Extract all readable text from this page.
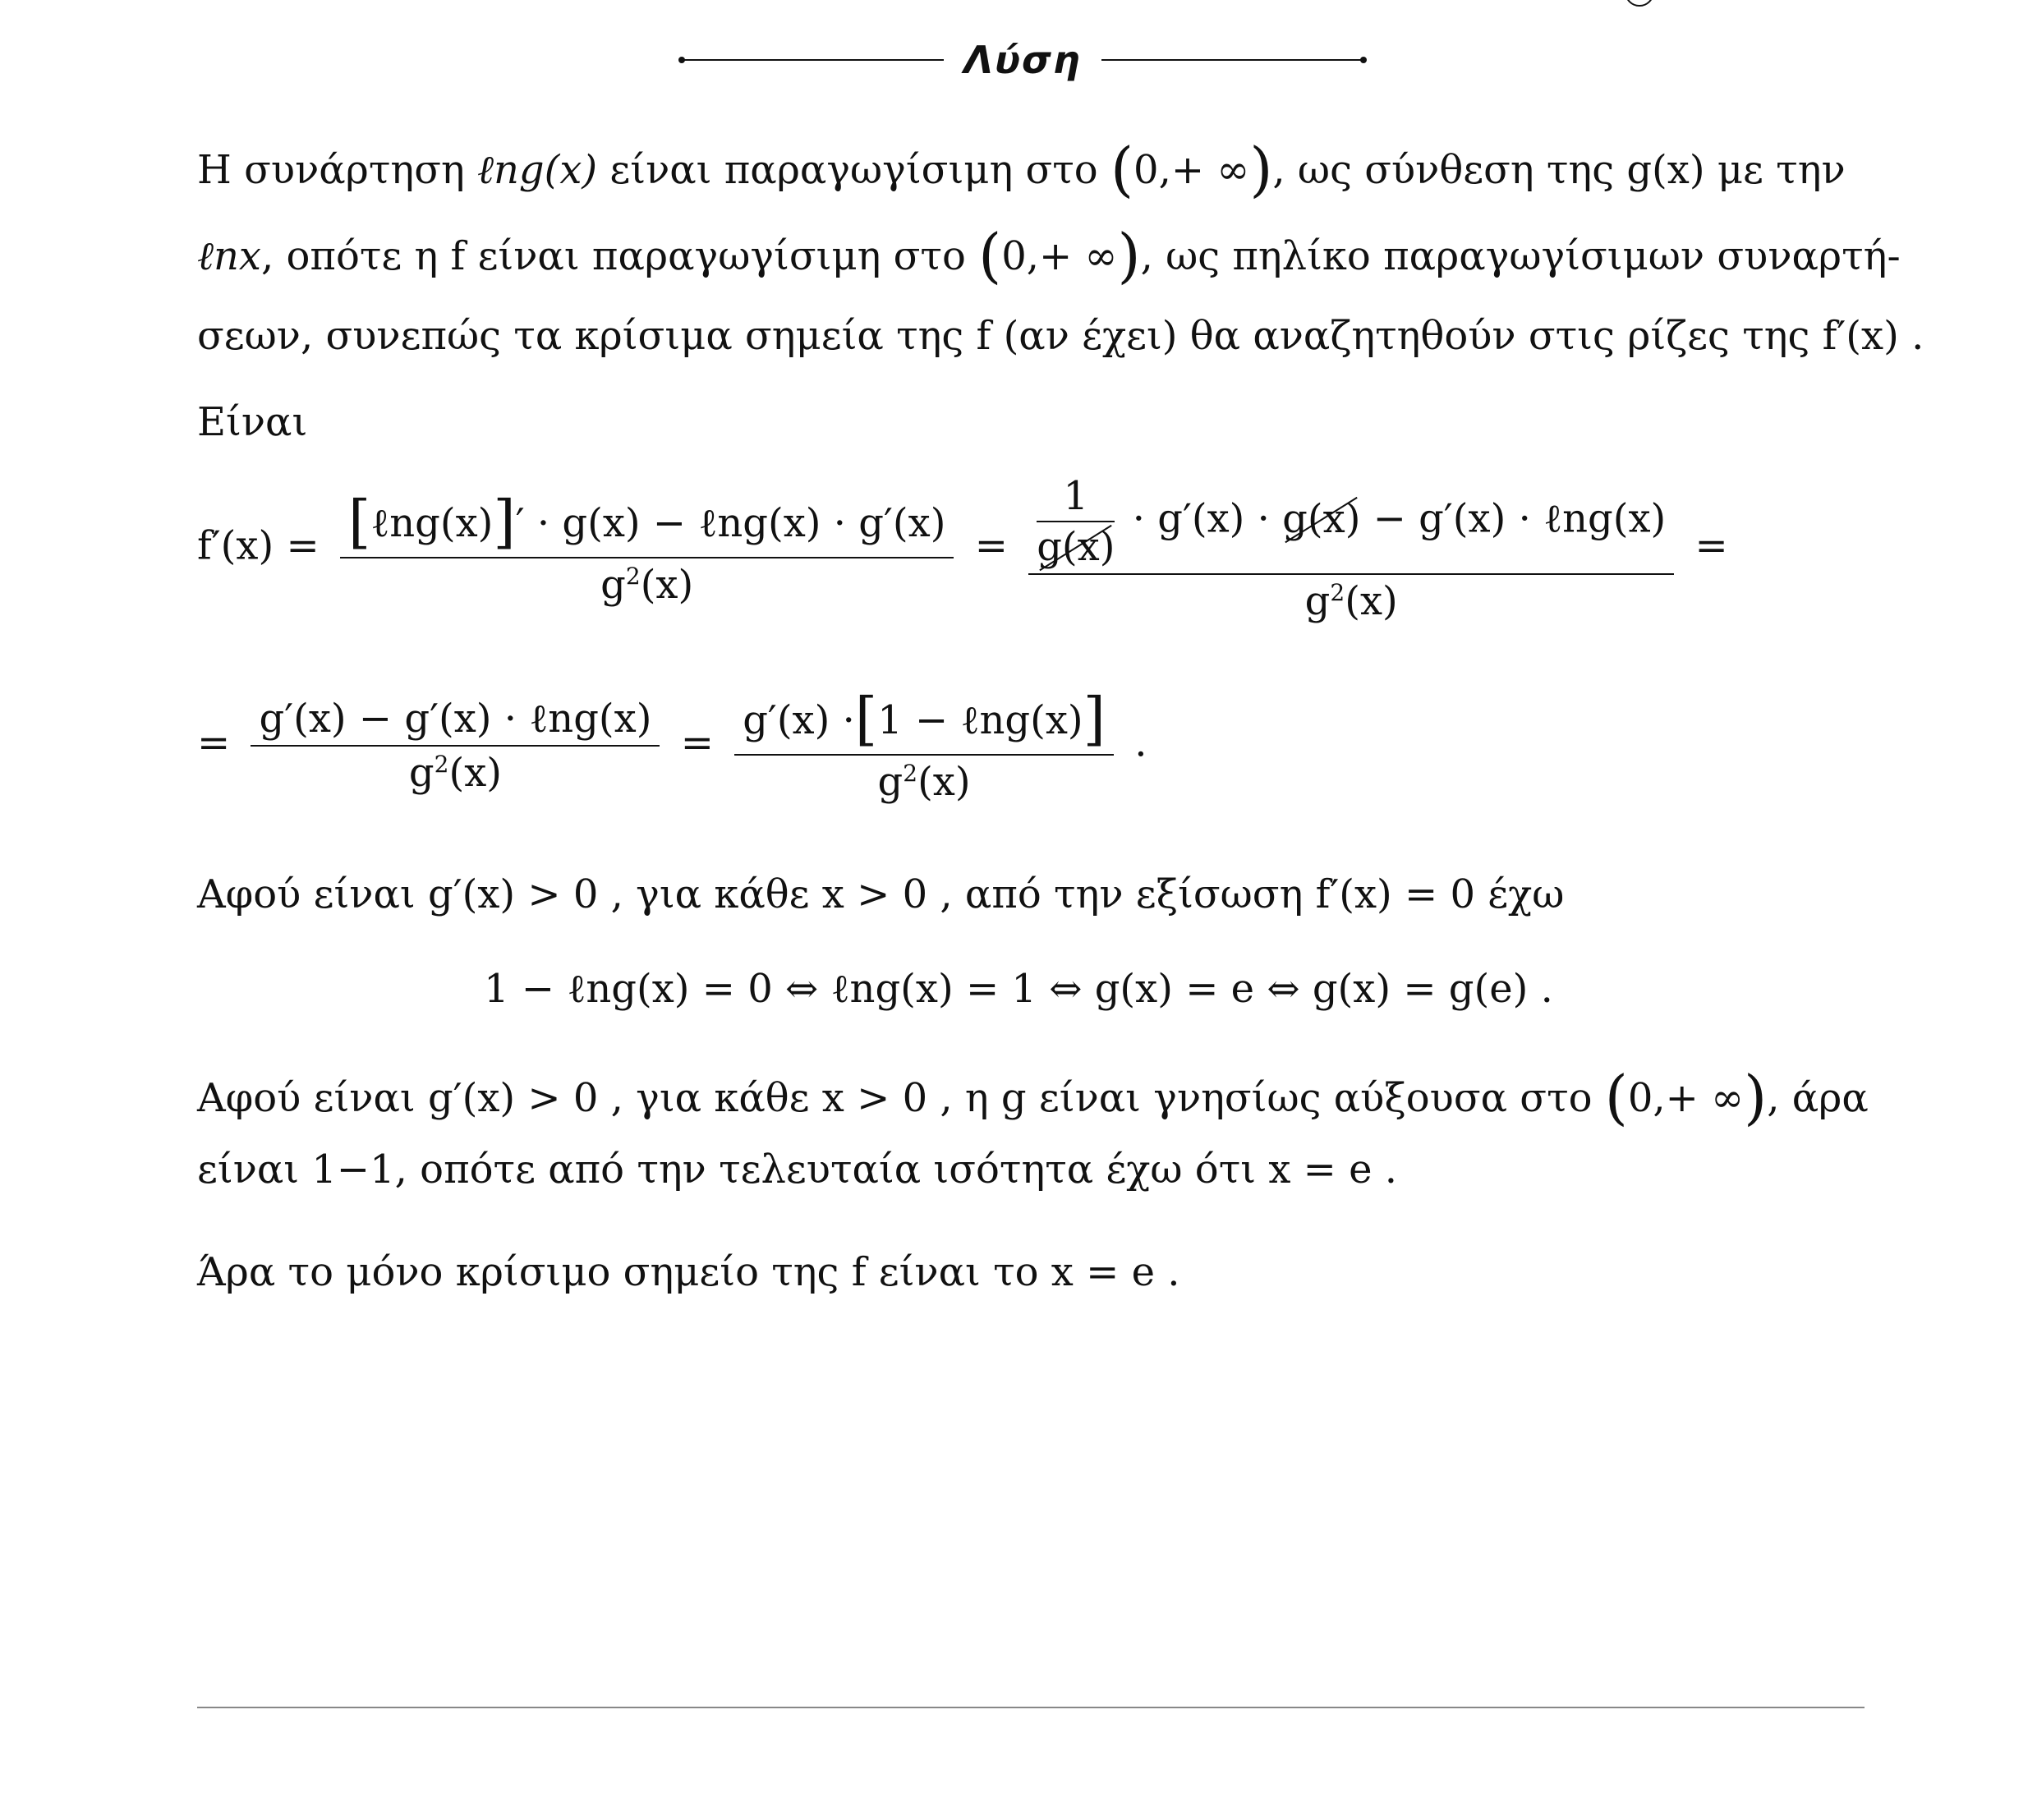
Λύση
Η συνάρτηση ℓng(x) είναι παραγωγίσιμη στο (0,+ ∞), ως σύνθεση της g(x) με την
ℓnx, οπότε η f είναι παραγωγίσιμη στο (0,+ ∞), ως πηλίκο παραγωγίσιμων συναρτή-
σεων, συνεπώς τα κρίσιμα σημεία της f (αν έχει) θα αναζητηθούν στις ρίζες της f′(x) .
Είναι
$f'(x) = \frac{\text{[ℓng(x)]′ · g(x) − ℓng(x) · g′(x)}}{g^2(x)} = \frac{\frac{1}{g(x)} \cdot g'(x) \cdot g(x) - g'(x) \cdot \ell ng(x)}{g^2(x)}$ =
= $\frac{\text{g′(x) − g′(x) · ℓng(x)}}{g^2(x)} = \frac{\text{g′(x) ·[1 − ℓng(x)]}}{g^2(x)}$ .
Αφού είναι g′(x) > 0 , για κάθε x > 0 , από την εξίσωση f′(x) = 0 έχω
1 − ℓng(x) = 0 ⇔ ℓng(x) = 1 ⇔ g(x) = e ⇔ g(x) = g(e) .
Αφού είναι g′(x) > 0 , για κάθε x > 0 , η g είναι γνησίως αύξουσα στο (0,+ ∞), άρα
είναι 1−1, οπότε από την τελευταία ισότητα έχω ότι x = e .
Άρα το μόνο κρίσιμο σημείο της f είναι το x = e .
